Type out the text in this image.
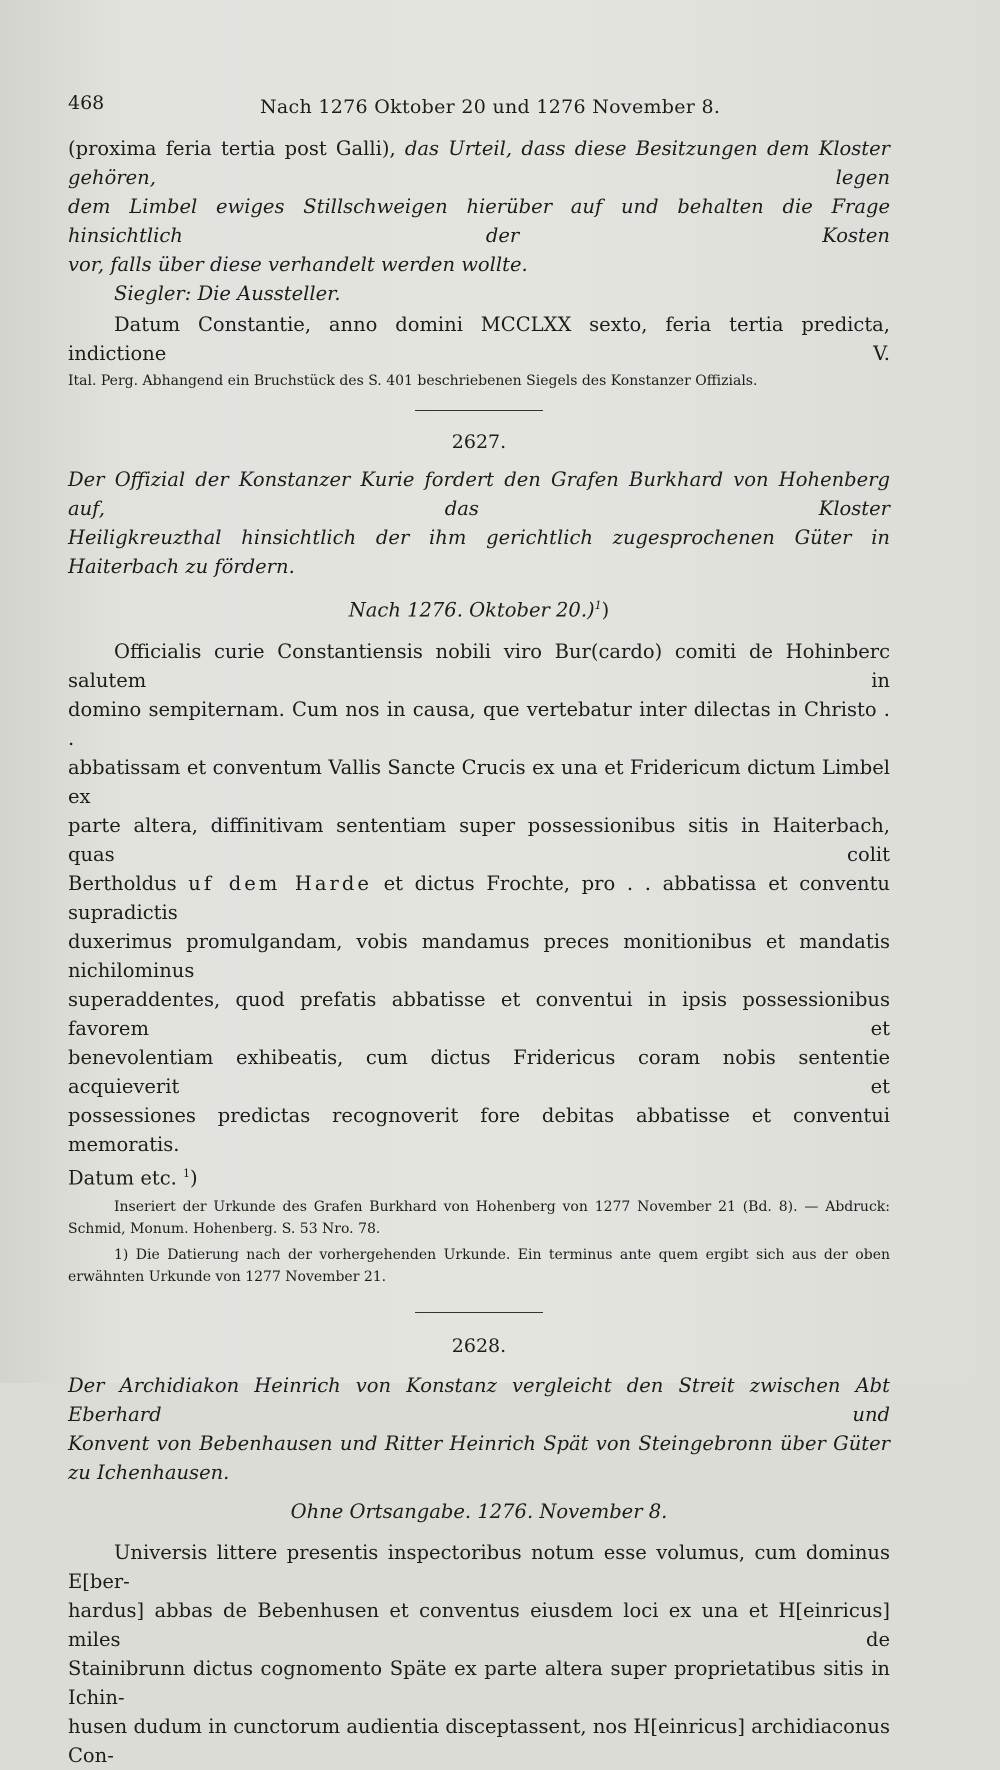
468	Nach 1276 Oktober 20 und 1276 November 8.

(proxima feria tertia post Galli), das Urteil, dass diese Besitzungen dem Kloster gehören, legen

dem Limbel ewiges Stillschweigen hierüber auf und behalten die Frage hinsichtlich der Kosten

vor, falls über diese verhandelt werden wollte.

Siegler: Die Aussteller.

Datum Constantie, anno domini MCCLXX sexto, feria tertia predicta, indictione V.

Ital. Perg. Abhangend ein Bruchstück des S. 401 beschriebenen Siegels des Konstanzer Offizials.

2627.

Der Offizial der Konstanzer Kurie fordert den Grafen Burkhard von Hohenberg auf, das Kloster

Heiligkreuzthal hinsichtlich der ihm gerichtlich zugesprochenen Güter in Haiterbach zu fördern.

Nach 1276. Oktober 20.)$^1$)

Officialis curie Constantiensis nobili viro Bur(cardo) comiti de Hohinberc salutem in

domino sempiternam. Cum nos in causa, que vertebatur inter dilectas in Christo . .

abbatissam et conventum Vallis Sancte Crucis ex una et Fridericum dictum Limbel ex

parte altera, diffinitivam sententiam super possessionibus sitis in Haiterbach, quas colit

Bertholdus uf dem Harde et dictus Frochte, pro . . abbatissa et conventu supradictis

duxerimus promulgandam, vobis mandamus preces monitionibus et mandatis nichilominus

superaddentes, quod prefatis abbatisse et conventui in ipsis possessionibus favorem et

benevolentiam exhibeatis, cum dictus Fridericus coram nobis sententie acquieverit et

possessiones predictas recognoverit fore debitas abbatisse et conventui memoratis.

Datum etc. $^1$)

Inseriert der Urkunde des Grafen Burkhard von Hohenberg von 1277 November 21 (Bd. 8). — Abdruck:

Schmid, Monum. Hohenberg. S. 53 Nro. 78.

1) Die Datierung nach der vorhergehenden Urkunde. Ein terminus ante quem ergibt sich aus der oben

erwähnten Urkunde von 1277 November 21.

2628.

Der Archidiakon Heinrich von Konstanz vergleicht den Streit zwischen Abt Eberhard und

Konvent von Bebenhausen und Ritter Heinrich Spät von Steingebronn über Güter zu Ichenhausen.

Ohne Ortsangabe. 1276. November 8.

Universis littere presentis inspectoribus notum esse volumus, cum dominus E[ber-

hardus] abbas de Bebenhusen et conventus eiusdem loci ex una et H[einricus] miles de

Stainibrunn dictus cognomento Späte ex parte altera super proprietatibus sitis in Ichin-

husen dudum in cunctorum audientia disceptassent, nos H[einricus] archidiaconus Con-
